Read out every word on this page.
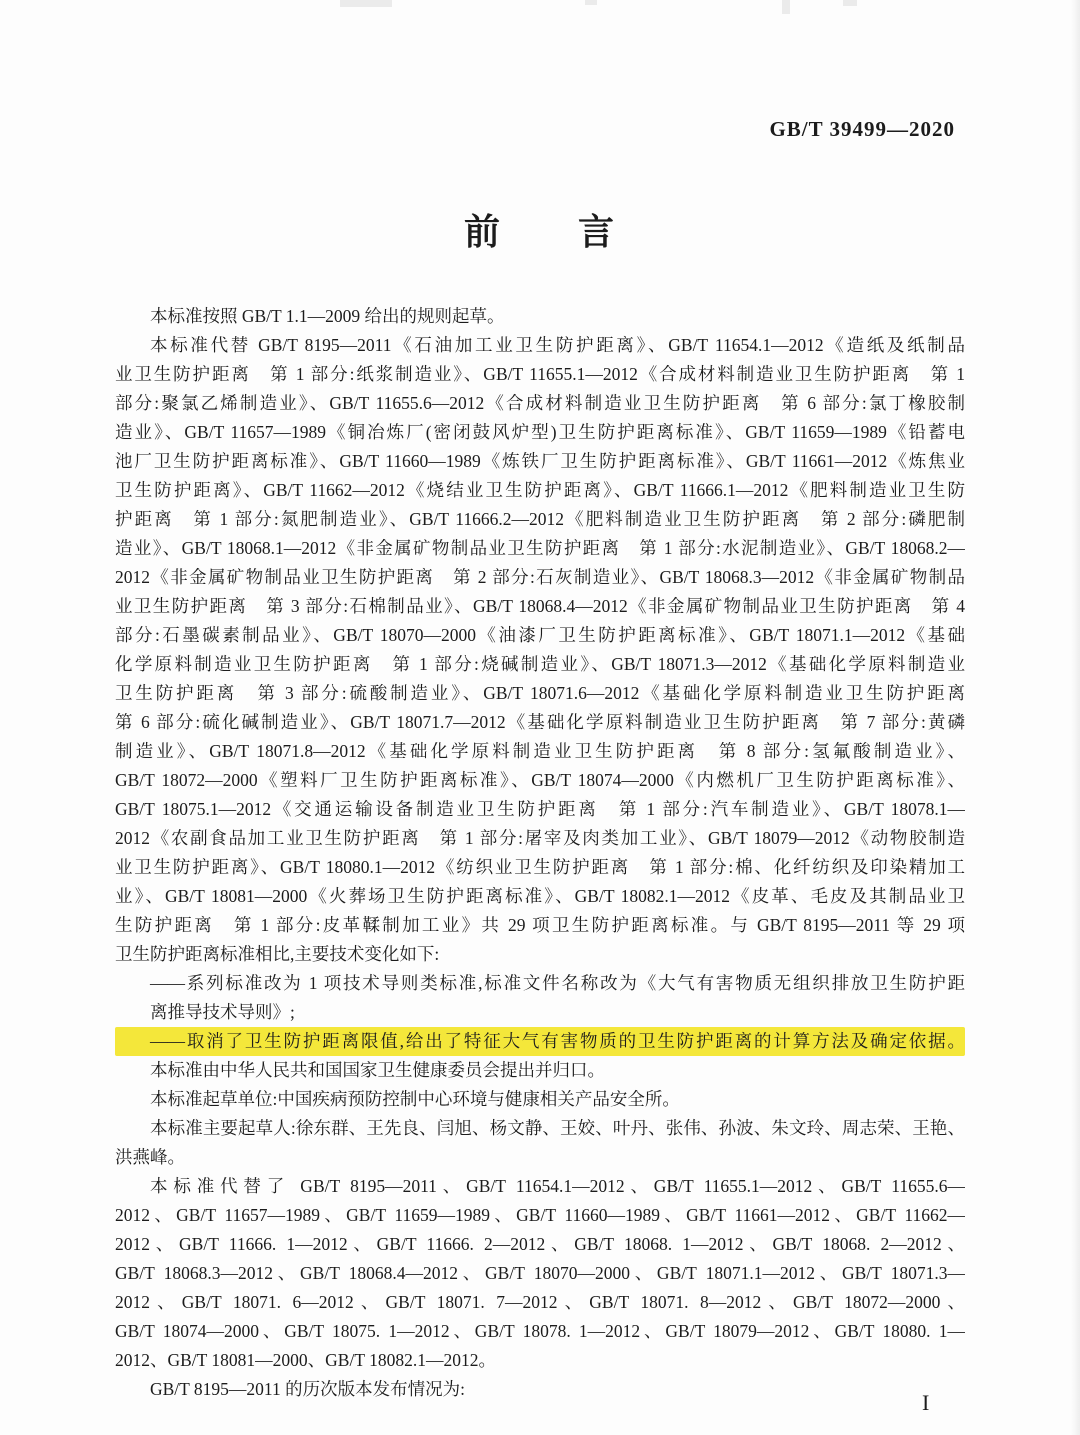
GB/T 39499—2020
前　　言
本标准按照 GB/T 1.1—2009 给出的规则起草。
本标准代替 GB/T 8195—2011《石油加工业卫生防护距离》、GB/T 11654.1—2012《造纸及纸制品
业卫生防护距离　第 1 部分:纸浆制造业》、GB/T 11655.1—2012《合成材料制造业卫生防护距离　第 1
部分:聚氯乙烯制造业》、GB/T 11655.6—2012《合成材料制造业卫生防护距离　第 6 部分:氯丁橡胶制
造业》、GB/T 11657—1989《铜冶炼厂(密闭鼓风炉型)卫生防护距离标准》、GB/T 11659—1989《铅蓄电
池厂卫生防护距离标准》、GB/T 11660—1989《炼铁厂卫生防护距离标准》、GB/T 11661—2012《炼焦业
卫生防护距离》、GB/T 11662—2012《烧结业卫生防护距离》、GB/T 11666.1—2012《肥料制造业卫生防
护距离　第 1 部分:氮肥制造业》、GB/T 11666.2—2012《肥料制造业卫生防护距离　第 2 部分:磷肥制
造业》、GB/T 18068.1—2012《非金属矿物制品业卫生防护距离　第 1 部分:水泥制造业》、GB/T 18068.2—
2012《非金属矿物制品业卫生防护距离　第 2 部分:石灰制造业》、GB/T 18068.3—2012《非金属矿物制品
业卫生防护距离　第 3 部分:石棉制品业》、GB/T 18068.4—2012《非金属矿物制品业卫生防护距离　第 4
部分:石墨碳素制品业》、GB/T 18070—2000《油漆厂卫生防护距离标准》、GB/T 18071.1—2012《基础
化学原料制造业卫生防护距离　第 1 部分:烧碱制造业》、GB/T 18071.3—2012《基础化学原料制造业
卫生防护距离　第 3 部分:硫酸制造业》、GB/T 18071.6—2012《基础化学原料制造业卫生防护距离
第 6 部分:硫化碱制造业》、GB/T 18071.7—2012《基础化学原料制造业卫生防护距离　第 7 部分:黄磷
制造业》、GB/T 18071.8—2012《基础化学原料制造业卫生防护距离　第 8 部分:氢氟酸制造业》、
GB/T 18072—2000《塑料厂卫生防护距离标准》、GB/T 18074—2000《内燃机厂卫生防护距离标准》、
GB/T 18075.1—2012《交通运输设备制造业卫生防护距离　第 1 部分:汽车制造业》、GB/T 18078.1—
2012《农副食品加工业卫生防护距离　第 1 部分:屠宰及肉类加工业》、GB/T 18079—2012《动物胶制造
业卫生防护距离》、GB/T 18080.1—2012《纺织业卫生防护距离　第 1 部分:棉、化纤纺织及印染精加工
业》、GB/T 18081—2000《火葬场卫生防护距离标准》、GB/T 18082.1—2012《皮革、毛皮及其制品业卫
生防护距离　第 1 部分:皮革鞣制加工业》共 29 项卫生防护距离标准。与 GB/T 8195—2011 等 29 项
卫生防护距离标准相比,主要技术变化如下:
——系列标准改为 1 项技术导则类标准,标准文件名称改为《大气有害物质无组织排放卫生防护距
离推导技术导则》;
——取消了卫生防护距离限值,给出了特征大气有害物质的卫生防护距离的计算方法及确定依据。
本标准由中华人民共和国国家卫生健康委员会提出并归口。
本标准起草单位:中国疾病预防控制中心环境与健康相关产品安全所。
本标准主要起草人:徐东群、王先良、闫旭、杨文静、王姣、叶丹、张伟、孙波、朱文玲、周志荣、王艳、
洪燕峰。
本标准代替了 GB/T 8195—2011、GB/T 11654.1—2012、GB/T 11655.1—2012、GB/T 11655.6—
2012、GB/T 11657—1989、GB/T 11659—1989、GB/T 11660—1989、GB/T 11661—2012、GB/T 11662—
2012、GB/T 11666. 1—2012、GB/T 11666. 2—2012、GB/T 18068. 1—2012、GB/T 18068. 2—2012、
GB/T 18068.3—2012、GB/T 18068.4—2012、GB/T 18070—2000、GB/T 18071.1—2012、GB/T 18071.3—
2012、GB/T 18071. 6—2012、GB/T 18071. 7—2012、GB/T 18071. 8—2012、GB/T 18072—2000、
GB/T 18074—2000、GB/T 18075. 1—2012、GB/T 18078. 1—2012、GB/T 18079—2012、GB/T 18080. 1—
2012、GB/T 18081—2000、GB/T 18082.1—2012。
GB/T 8195—2011 的历次版本发布情况为:
I
